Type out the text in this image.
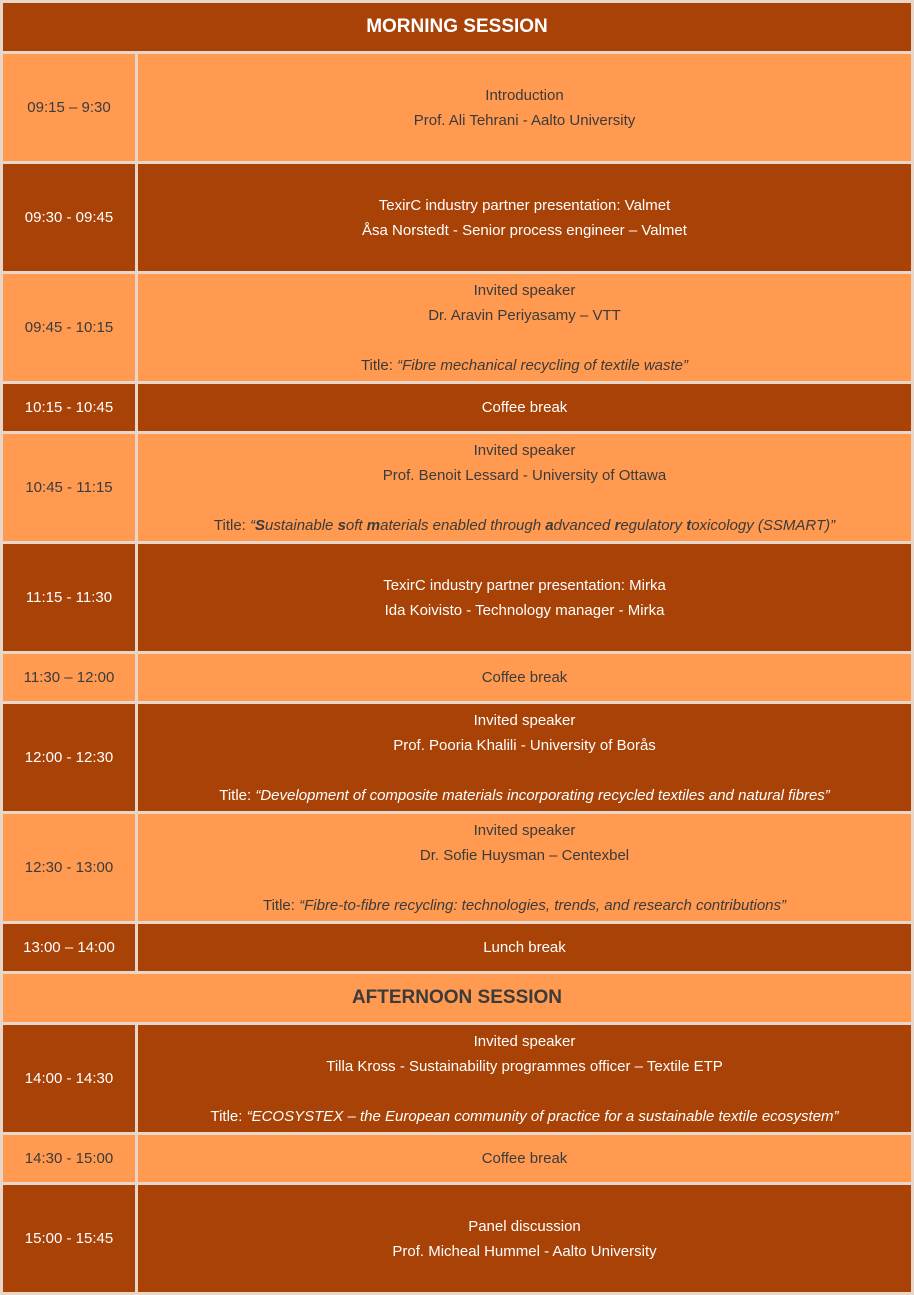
MORNING SESSION
09:15 – 9:30
Introduction
Prof. Ali Tehrani - Aalto University
09:30 - 09:45
TexirC industry partner presentation: Valmet
Åsa Norstedt - Senior process engineer – Valmet
09:45 - 10:15
Invited speaker
Dr. Aravin Periyasamy – VTT
Title: “Fibre mechanical recycling of textile waste”
10:15 - 10:45	Coffee break
10:45 - 11:15
Invited speaker
Prof. Benoit Lessard - University of Ottawa
Title: “Sustainable soft materials enabled through advanced regulatory toxicology (SSMART)”
11:15 - 11:30
TexirC industry partner presentation: Mirka
Ida Koivisto - Technology manager - Mirka
11:30 – 12:00	Coffee break
12:00 - 12:30
Invited speaker
Prof. Pooria Khalili - University of Borås
Title: “Development of composite materials incorporating recycled textiles and natural fibres”
12:30 - 13:00
Invited speaker
Dr. Sofie Huysman – Centexbel
Title: “Fibre-to-fibre recycling: technologies, trends, and research contributions”
13:00 – 14:00	Lunch break
AFTERNOON SESSION
14:00 - 14:30
Invited speaker
Tilla Kross - Sustainability programmes officer – Textile ETP
Title: “ECOSYSTEX – the European community of practice for a sustainable textile ecosystem”
14:30 - 15:00	Coffee break
15:00 - 15:45
Panel discussion
Prof. Micheal Hummel - Aalto University
